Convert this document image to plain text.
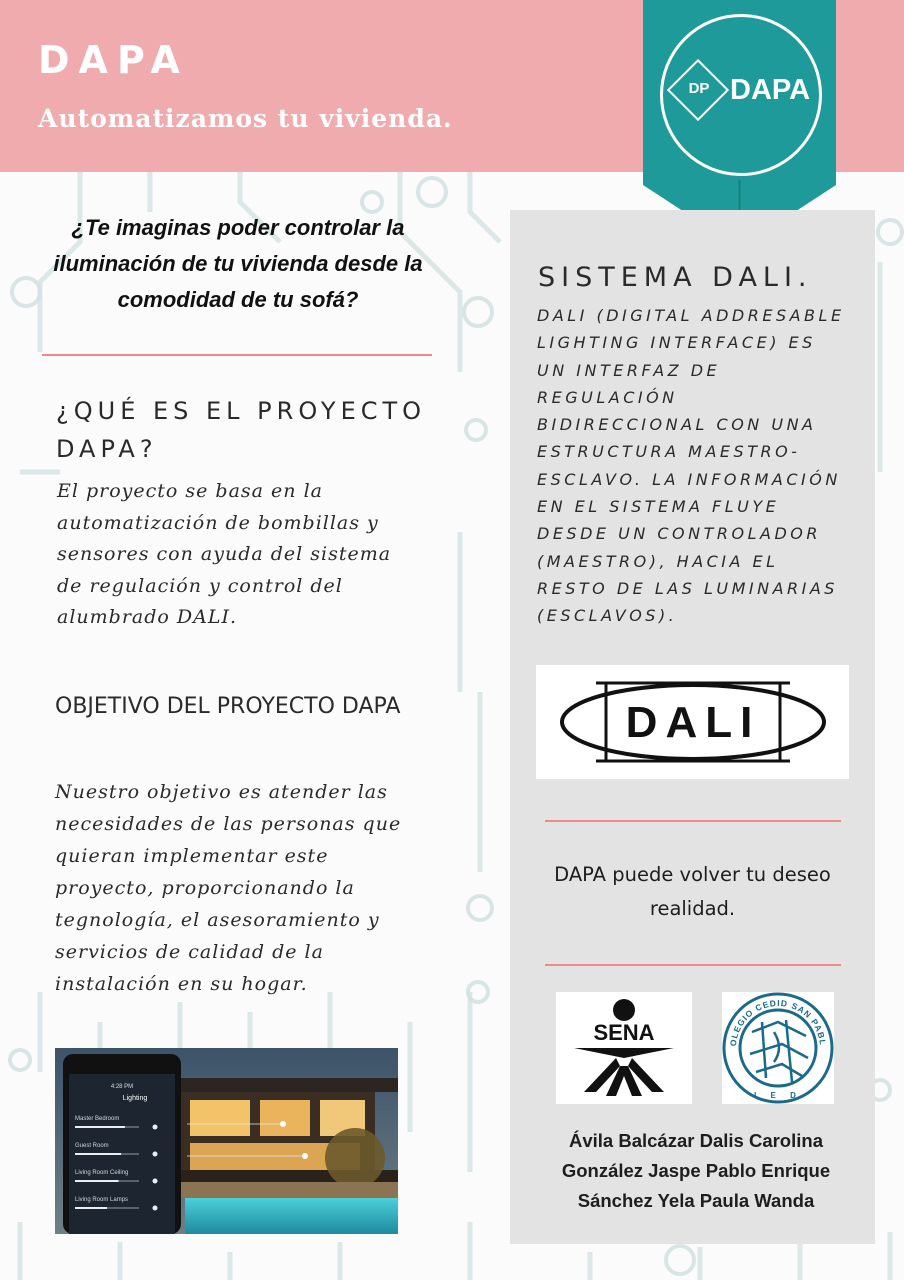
DAPA
Automatizamos tu vivienda.
DP DAPA
¿Te imaginas poder controlar la iluminación de tu vivienda desde la comodidad de tu sofá?
¿QUÉ ES EL PROYECTO DAPA?
El proyecto se basa en la automatización de bombillas y sensores con ayuda del sistema de regulación y control del alumbrado DALI.
OBJETIVO DEL PROYECTO DAPA
Nuestro objetivo es atender las necesidades de las personas que quieran implementar este proyecto, proporcionando la tegnología, el asesoramiento y servicios de calidad de la instalación en su hogar.
4:28 PM
Lighting
Master Bedroom
Guest Room
Living Room Ceiling
Living Room Lamps
SISTEMA DALI.
DALI (DIGITAL ADDRESABLE LIGHTING INTERFACE) ES UN INTERFAZ DE REGULACIÓN BIDIRECCIONAL CON UNA ESTRUCTURA MAESTRO-ESCLAVO. LA INFORMACIÓN EN EL SISTEMA FLUYE DESDE UN CONTROLADOR (MAESTRO), HACIA EL RESTO DE LAS LUMINARIAS (ESCLAVOS).
DALI
DAPA puede volver tu deseo realidad.
SENA	OLEGIO CEDID SAN PABL
I E D
Ávila Balcázar Dalis Carolina
González Jaspe Pablo Enrique
Sánchez Yela Paula Wanda
